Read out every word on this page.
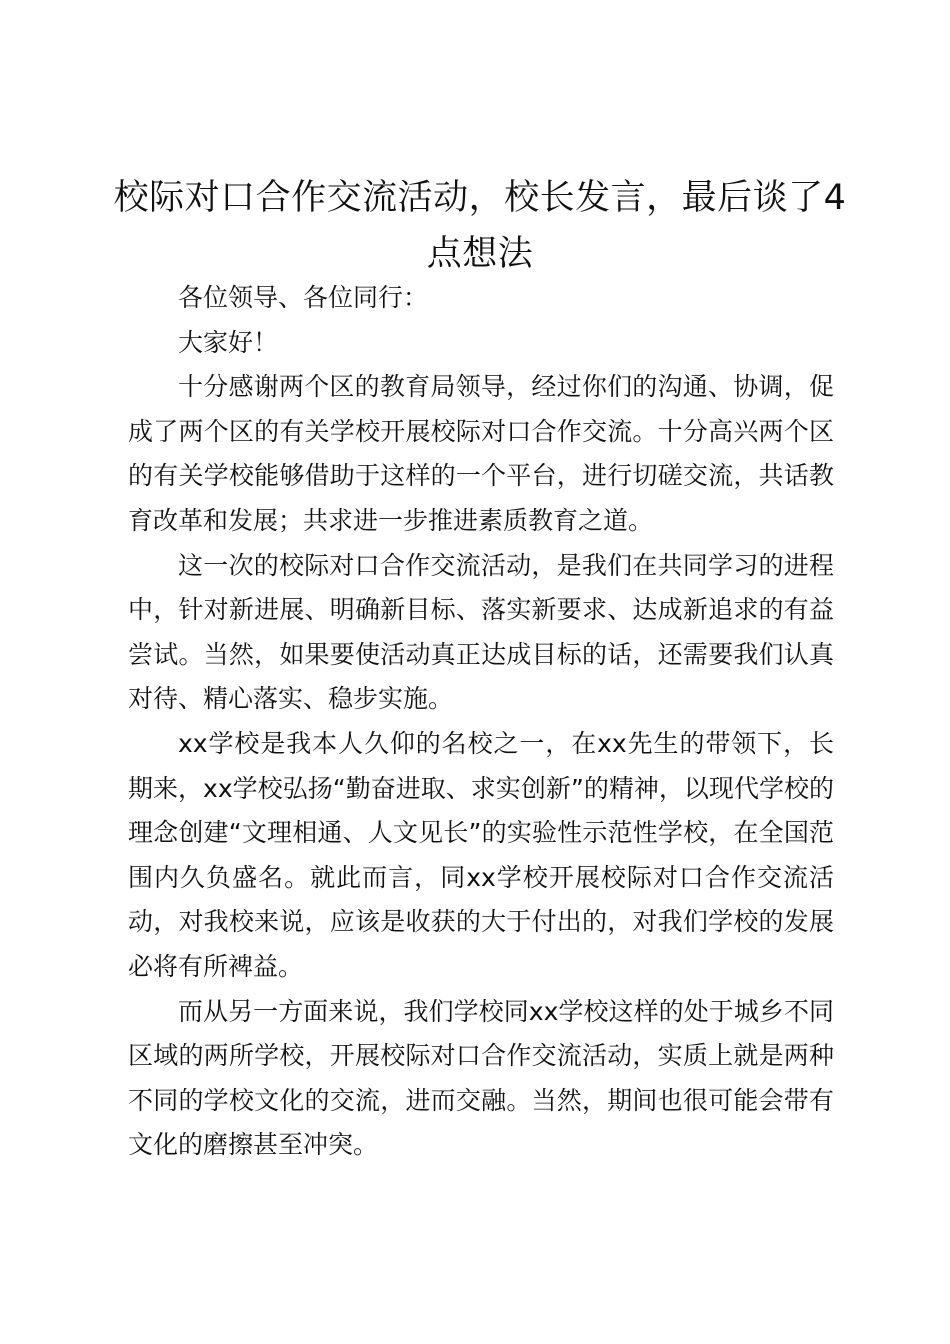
校际对口合作交流活动，校长发言，最后谈了4点想法

各位领导、各位同行：

大家好！

十分感谢两个区的教育局领导，经过你们的沟通、协调，促成了两个区的有关学校开展校际对口合作交流。十分高兴两个区的有关学校能够借助于这样的一个平台，进行切磋交流，共话教育改革和发展；共求进一步推进素质教育之道。

这一次的校际对口合作交流活动，是我们在共同学习的进程中，针对新进展、明确新目标、落实新要求、达成新追求的有益尝试。当然，如果要使活动真正达成目标的话，还需要我们认真对待、精心落实、稳步实施。

xx学校是我本人久仰的名校之一，在xx先生的带领下，长期来，xx学校弘扬“勤奋进取、求实创新”的精神，以现代学校的理念创建“文理相通、人文见长”的实验性示范性学校，在全国范围内久负盛名。就此而言，同xx学校开展校际对口合作交流活动，对我校来说，应该是收获的大于付出的，对我们学校的发展必将有所裨益。

而从另一方面来说，我们学校同xx学校这样的处于城乡不同区域的两所学校，开展校际对口合作交流活动，实质上就是两种不同的学校文化的交流，进而交融。当然，期间也很可能会带有文化的磨擦甚至冲突。
